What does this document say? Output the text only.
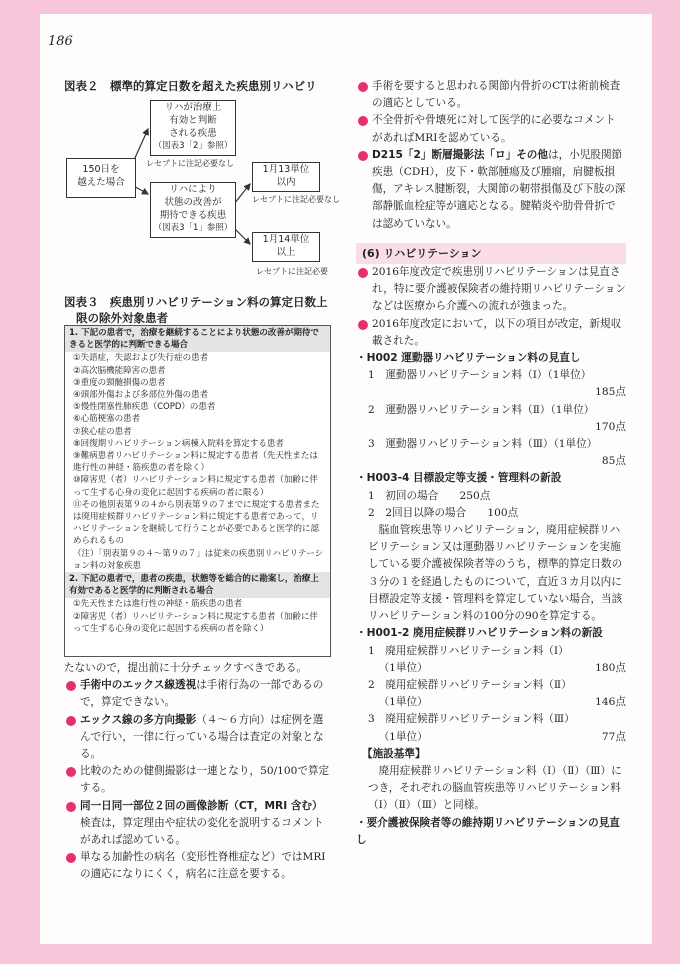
186
図表２　標準的算定日数を超えた疾患別リハビリ
150日を
越えた場合
リハが治療上
有効と判断
される疾患
（図表3「2」参照）
レセプトに注記必要なし
リハにより
状態の改善が
期待できる疾患
（図表3「1」参照）
1月13単位
以内
レセプトに注記必要なし
1月14単位
以上
レセプトに注記必要
図表３　疾患別リハビリテーション料の算定日数上
限の除外対象患者
1. 下記の患者で，治療を継続することにより状態の改善が期待できると医学的に判断できる場合
①失語症，失認および失行症の患者
②高次脳機能障害の患者
③重度の頸髄損傷の患者
④頭部外傷および多部位外傷の患者
⑤慢性閉塞性肺疾患（COPD）の患者
⑥心筋梗塞の患者
⑦狭心症の患者
⑧回復期リハビリテーション病棟入院料を算定する患者
⑨難病患者リハビリテーション料に規定する患者（先天性または進行性の神経・筋疾患の者を除く）
⑩障害児（者）リハビリテーション料に規定する患者（加齢に伴って生ずる心身の変化に起因する疾病の者に限る）
⑪その他別表第９の４から別表第９の７までに規定する患者または廃用症候群リハビリテーション料に規定する患者であって，リハビリテーションを継続して行うことが必要であると医学的に認められるもの
（注）「別表第９の４～第９の７」は従来の疾患別リハビリテーション料の対象疾患
2. 下記の患者で，患者の疾患，状態等を総合的に勘案し，治療上有効であると医学的に判断される場合
①先天性または進行性の神経・筋疾患の患者
②障害児（者）リハビリテーション料に規定する患者（加齢に伴って生ずる心身の変化に起因する疾病の者を除く）
たないので，提出前に十分チェックすべきである。
手術中のエックス線透視は手術行為の一部であるので，算定できない。
エックス線の多方向撮影（４～６方向）は症例を選んで行い，一律に行っている場合は査定の対象となる。
比較のための健側撮影は一連となり，50/100で算定する。
同一日同一部位２回の画像診断（CT，MRI 含む）検査は，算定理由や症状の変化を説明するコメントがあれば認めている。
単なる加齢性の病名（変形性脊椎症など）ではMRIの適応になりにくく，病名に注意を要する。
手術を要すると思われる関節内骨折のCTは術前検査の適応としている。
不全骨折や骨壊死に対して医学的に必要なコメントがあればMRIを認めている。
D215「2」断層撮影法「ロ」その他は，小児股関節疾患（CDH），皮下・軟部腫瘍及び腫瘤，肩腱板損傷，アキレス腱断裂，大関節の靭帯損傷及び下肢の深部静脈血栓症等が適応となる。腱鞘炎や肋骨骨折では認めていない。
(6) リハビリテーション
2016年度改定で疾患別リハビリテーションは見直され，特に要介護被保険者の維持期リハビリテーションなどは医療から介護への流れが強まった。
2016年度改定において，以下の項目が改定，新規収載された。
・H002 運動器リハビリテーション料の見直し
1　運動器リハビリテーション料（Ⅰ）（1単位）
185点
2　運動器リハビリテーション料（Ⅱ）（1単位）
170点
3　運動器リハビリテーション料（Ⅲ）（1単位）
85点
・H003-4 目標設定等支援・管理料の新設
1　初回の場合 250点
2　2回目以降の場合 100点
脳血管疾患等リハビリテーション，廃用症候群リハビリテーション又は運動器リハビリテーションを実施している要介護被保険者等のうち，標準的算定日数の３分の１を経過したものについて，直近３カ月以内に目標設定等支援・管理料を算定していない場合，当該リハビリテーション料の100分の90を算定する。
・H001-2 廃用症候群リハビリテーション料の新設
1　廃用症候群リハビリテーション料（Ⅰ）
（1単位）	180点
2　廃用症候群リハビリテーション料（Ⅱ）
（1単位）	146点
3　廃用症候群リハビリテーション料（Ⅲ）
（1単位）	77点
【施設基準】
廃用症候群リハビリテーション料（Ⅰ）（Ⅱ）（Ⅲ）につき，それぞれの脳血管疾患等リハビリテーション料（Ⅰ）（Ⅱ）（Ⅲ）と同様。
・要介護被保険者等の維持期リハビリテーションの見直し
